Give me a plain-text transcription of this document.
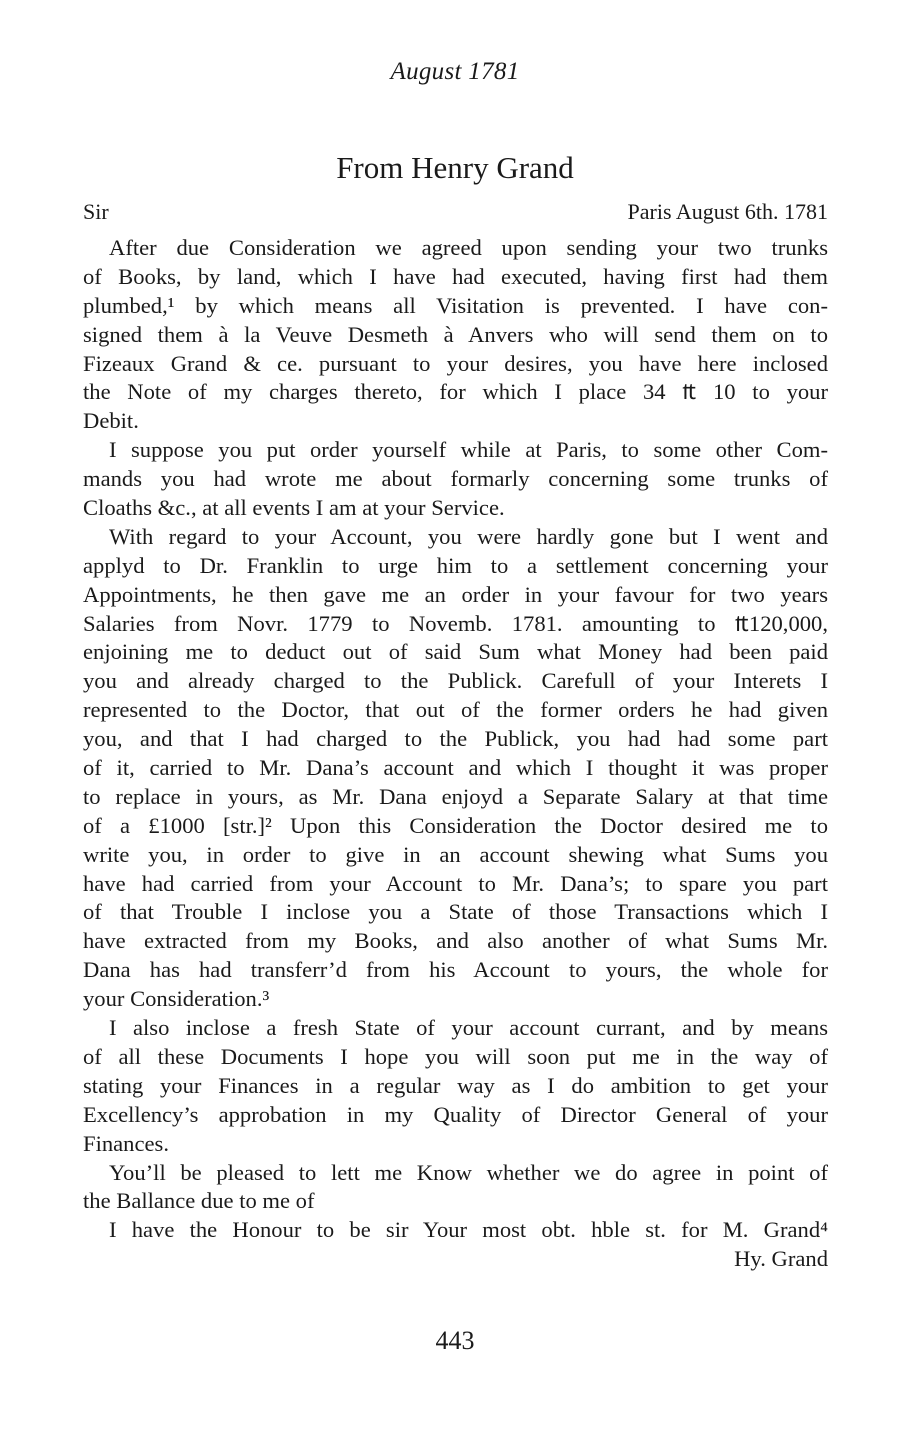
August 1781
From Henry Grand
Sir	Paris August 6th. 1781
After due Consideration we agreed upon sending your two trunks
of Books, by land, which I have had executed, having first had them
plumbed,¹ by which means all Visitation is prevented. I have con-
signed them à la Veuve Desmeth à Anvers who will send them on to
Fizeaux Grand & ce. pursuant to your desires, you have here inclosed
the Note of my charges thereto, for which I place 34 ₶ 10 to your
Debit.
I suppose you put order yourself while at Paris, to some other Com-
mands you had wrote me about formarly concerning some trunks of
Cloaths &c., at all events I am at your Service.
With regard to your Account, you were hardly gone but I went and
applyd to Dr. Franklin to urge him to a settlement concerning your
Appointments, he then gave me an order in your favour for two years
Salaries from Novr. 1779 to Novemb. 1781. amounting to ₶120,000,
enjoining me to deduct out of said Sum what Money had been paid
you and already charged to the Publick. Carefull of your Interets I
represented to the Doctor, that out of the former orders he had given
you, and that I had charged to the Publick, you had had some part
of it, carried to Mr. Dana’s account and which I thought it was proper
to replace in yours, as Mr. Dana enjoyd a Separate Salary at that time
of a £1000 [str.]² Upon this Consideration the Doctor desired me to
write you, in order to give in an account shewing what Sums you
have had carried from your Account to Mr. Dana’s; to spare you part
of that Trouble I inclose you a State of those Transactions which I
have extracted from my Books, and also another of what Sums Mr.
Dana has had transferr’d from his Account to yours, the whole for
your Consideration.³
I also inclose a fresh State of your account currant, and by means
of all these Documents I hope you will soon put me in the way of
stating your Finances in a regular way as I do ambition to get your
Excellency’s approbation in my Quality of Director General of your
Finances.
You’ll be pleased to lett me Know whether we do agree in point of
the Ballance due to me of
I have the Honour to be sir Your most obt. hble st. for M. Grand⁴
Hy. Grand
443
